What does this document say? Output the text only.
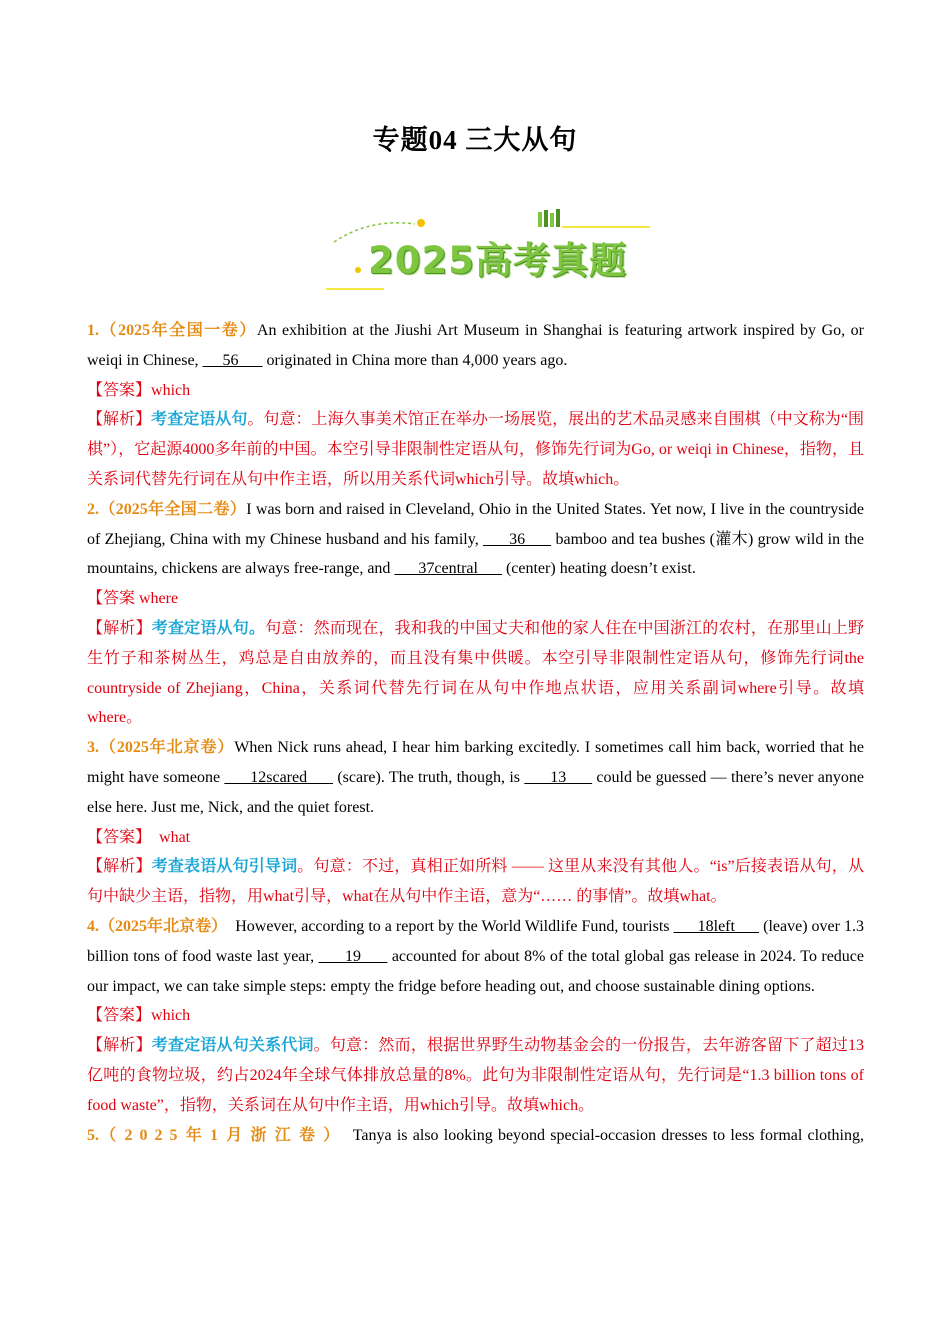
专题04 三大从句
2025高考真题

1.（2025年全国一卷）An exhibition at the Jiushi Art Museum in Shanghai is featuring artwork inspired by Go, or weiqi in Chinese,      56       originated in China more than 4,000 years ago.

【答案】which

【解析】考查定语从句。句意：上海久事美术馆正在举办一场展览，展出的艺术品灵感来自围棋（中文称为“围棋”），它起源4000多年前的中国。本空引导非限制性定语从句，修饰先行词为Go, or weiqi in Chinese，指物，且关系词代替先行词在从句中作主语，所以用关系代词which引导。故填which。

2.（2025年全国二卷）I was born and raised in Cleveland, Ohio in the United States. Yet now, I live in the countryside of Zhejiang, China with my Chinese husband and his family,       36       bamboo and tea bushes (灌木) grow wild in the mountains, chickens are always free-range, and       37central       (center) heating doesn’t exist.

【答案 where

【解析】考查定语从句。句意：然而现在，我和我的中国丈夫和他的家人住在中国浙江的农村，在那里山上野生竹子和茶树丛生，鸡总是自由放养的，而且没有集中供暖。本空引导非限制性定语从句，修饰先行词the countryside of Zhejiang，China，关系词代替先行词在从句中作地点状语，应用关系副词where引导。故填where。

3.（2025年北京卷）When Nick runs ahead, I hear him barking excitedly. I sometimes call him back, worried that he might have someone       12scared       (scare). The truth, though, is       13       could be guessed — there’s never anyone else here. Just me, Nick, and the quiet forest.

【答案】  what

【解析】考查表语从句引导词。句意：不过，真相正如所料 —— 这里从来没有其他人。“is”后接表语从句，从句中缺少主语，指物，用what引导，what在从句中作主语，意为“…… 的事情”。故填what。

4.（2025年北京卷）  However, according to a report by the World Wildlife Fund, tourists       18left       (leave) over 1.3 billion tons of food waste last year,       19       accounted for about 8% of the total global gas release in 2024. To reduce our impact, we can take simple steps: empty the fridge before heading out, and choose sustainable dining options.

【答案】which

【解析】考查定语从句关系代词。句意：然而，根据世界野生动物基金会的一份报告，去年游客留下了超过13亿吨的食物垃圾，约占2024年全球气体排放总量的8%。此句为非限制性定语从句，先行词是“1.3 billion tons of food waste”，指物，关系词在从句中作主语，用which引导。故填which。

5.（2025年1月浙江卷） Tanya is also looking beyond special-occasion dresses to less formal clothing,
